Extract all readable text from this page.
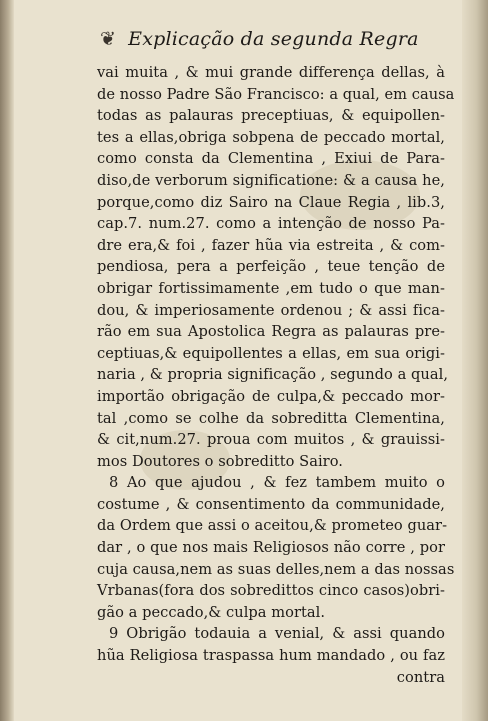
❦ Explicação da segunda Regra
vai muita , & mui grande differença dellas, à
de nosso Padre São Francisco: a qual, em causa
todas as palauras preceptiuas, & equipollen-
tes a ellas,obriga sobpena de peccado mortal,
como consta da Clementina , Exiui de Para-
diso,de verborum significatione: & a causa he,
porque,como diz Sairo na Claue Regia , lib.3,
cap.7. num.27. como a intenção de nosso Pa-
dre era,& foi , fazer hũa via estreita , & com-
pendiosa, pera a perfeição , teue tenção de
obrigar fortissimamente ,em tudo o que man-
dou, & imperiosamente ordenou ; & assi fica-
rão em sua Apostolica Regra as palauras pre-
ceptiuas,& equipollentes a ellas, em sua origi-
naria , & propria significação , segundo a qual,
importão obrigação de culpa,& peccado mor-
tal ,como se colhe da sobreditta Clementina,
& cit,num.27. proua com muitos , & grauissi-
mos Doutores o sobreditto Sairo.
8 Ao que ajudou , & fez tambem muito o
costume , & consentimento da communidade,
da Ordem que assi o aceitou,& prometeo guar-
dar , o que nos mais Religiosos não corre , por
cuja causa,nem as suas delles,nem a das nossas
Vrbanas(fora dos sobredittos cinco casos)obri-
gão a peccado,& culpa mortal.
9 Obrigão todauia a venial, & assi quando
hũa Religiosa traspassa hum mandado , ou faz
contra
